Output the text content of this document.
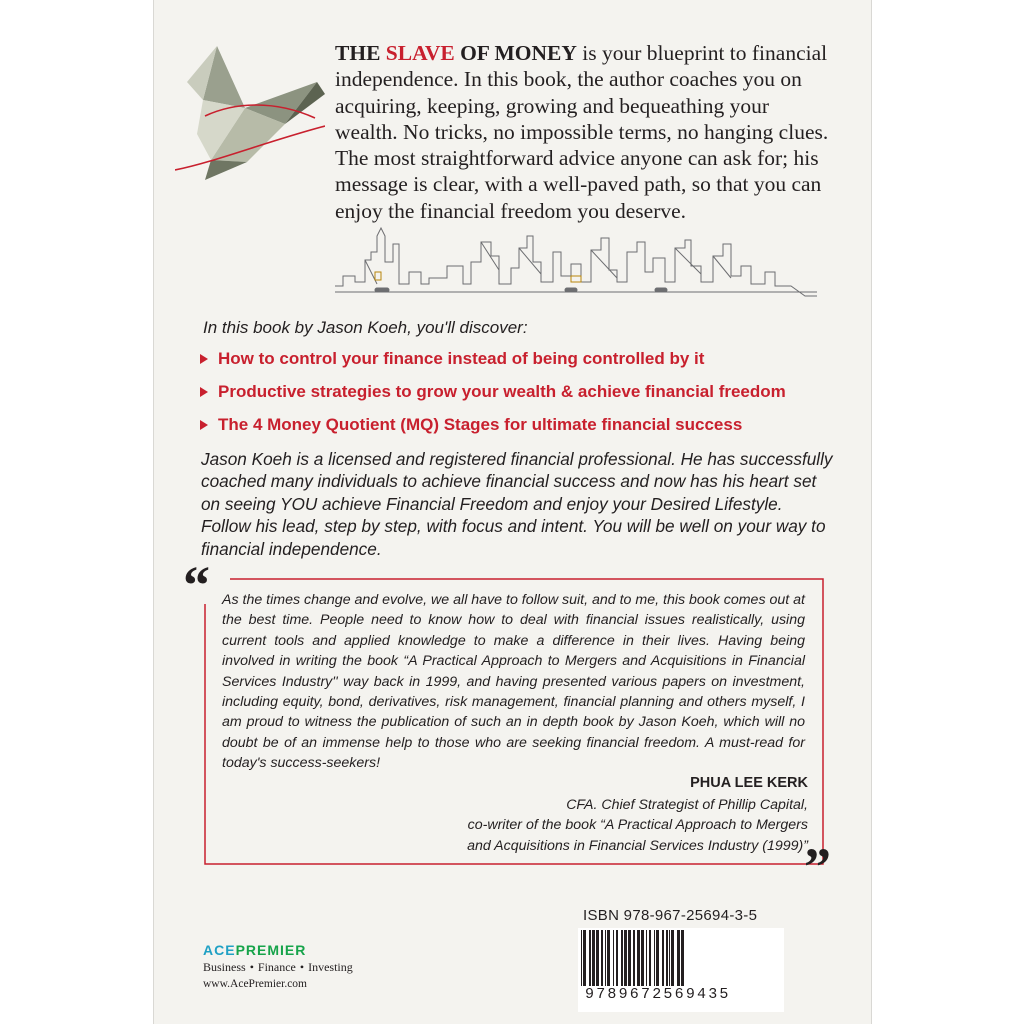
THE SLAVE OF MONEY is your blueprint to financial independence. In this book, the author coaches you on acquiring, keeping, growing and bequeathing your wealth. No tricks, no impossible terms, no hanging clues. The most straightforward advice anyone can ask for; his message is clear, with a well-paved path, so that you can enjoy the financial freedom you deserve.

In this book by Jason Koeh, you'll discover:

How to control your finance instead of being controlled by it
Productive strategies to grow your wealth & achieve financial freedom
The 4 Money Quotient (MQ) Stages for ultimate financial success

Jason Koeh is a licensed and registered financial professional. He has successfully coached many individuals to achieve financial success and now has his heart set on seeing YOU achieve Financial Freedom and enjoy your Desired Lifestyle. Follow his lead, step by step, with focus and intent. You will be well on your way to financial independence.

“ As the times change and evolve, we all have to follow suit, and to me, this book comes out at the best time. People need to know how to deal with financial issues realistically, using current tools and applied knowledge to make a difference in their lives. Having being involved in writing the book “A Practical Approach to Mergers and Acquisitions in Financial Services Industry'' way back in 1999, and having presented various papers on investment, including equity, bond, derivatives, risk management, financial planning and others myself, I am proud to witness the publication of such an in depth book by Jason Koeh, which will no doubt be of an immense help to those who are seeking financial freedom. A must-read for today's success-seekers!

PHUA LEE KERK

CFA. Chief Strategist of Phillip Capital,
co-writer of the book “A Practical Approach to Mergers
and Acquisitions in Financial Services Industry (1999)”

”

ACEPREMIER

Business • Finance • Investing

www.AcePremier.com

ISBN 978-967-25694-3-5

9789672569435
